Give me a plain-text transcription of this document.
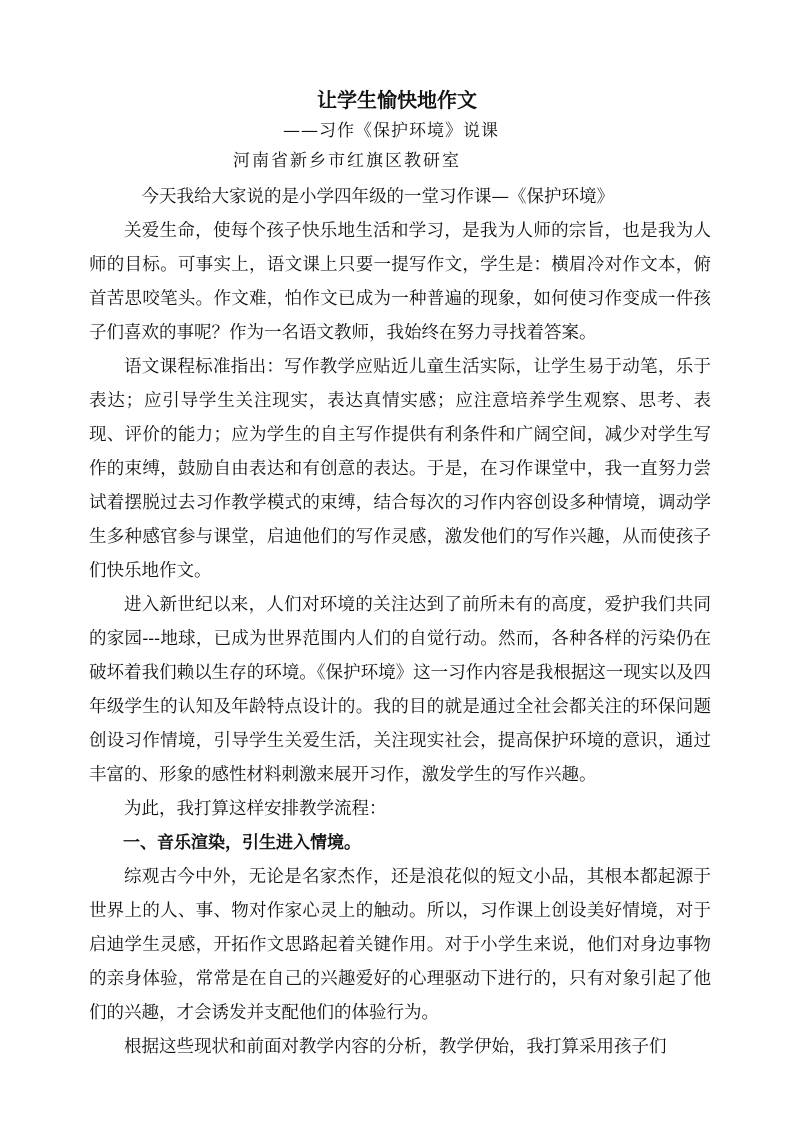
让学生愉快地作文
——习作《保护环境》说课
河南省新乡市红旗区教研室

今天我给大家说的是小学四年级的一堂习作课—《保护环境》

关爱生命，使每个孩子快乐地生活和学习，是我为人师的宗旨，也是我为人师的目标。可事实上，语文课上只要一提写作文，学生是：横眉冷对作文本，俯首苦思咬笔头。作文难，怕作文已成为一种普遍的现象，如何使习作变成一件孩子们喜欢的事呢？作为一名语文教师，我始终在努力寻找着答案。

语文课程标准指出：写作教学应贴近儿童生活实际，让学生易于动笔，乐于表达；应引导学生关注现实，表达真情实感；应注意培养学生观察、思考、表现、评价的能力；应为学生的自主写作提供有利条件和广阔空间，减少对学生写作的束缚，鼓励自由表达和有创意的表达。于是，在习作课堂中，我一直努力尝试着摆脱过去习作教学模式的束缚，结合每次的习作内容创设多种情境，调动学生多种感官参与课堂，启迪他们的写作灵感，激发他们的写作兴趣，从而使孩子们快乐地作文。

进入新世纪以来，人们对环境的关注达到了前所未有的高度，爱护我们共同的家园---地球，已成为世界范围内人们的自觉行动。然而，各种各样的污染仍在破坏着我们赖以生存的环境。《保护环境》这一习作内容是我根据这一现实以及四年级学生的认知及年龄特点设计的。我的目的就是通过全社会都关注的环保问题创设习作情境，引导学生关爱生活，关注现实社会，提高保护环境的意识，通过丰富的、形象的感性材料刺激来展开习作，激发学生的写作兴趣。

为此，我打算这样安排教学流程：

一、音乐渲染，引生进入情境。

综观古今中外，无论是名家杰作，还是浪花似的短文小品，其根本都起源于世界上的人、事、物对作家心灵上的触动。所以，习作课上创设美好情境，对于启迪学生灵感，开拓作文思路起着关键作用。对于小学生来说，他们对身边事物的亲身体验，常常是在自己的兴趣爱好的心理驱动下进行的，只有对象引起了他们的兴趣，才会诱发并支配他们的体验行为。

根据这些现状和前面对教学内容的分析，教学伊始，我打算采用孩子们
